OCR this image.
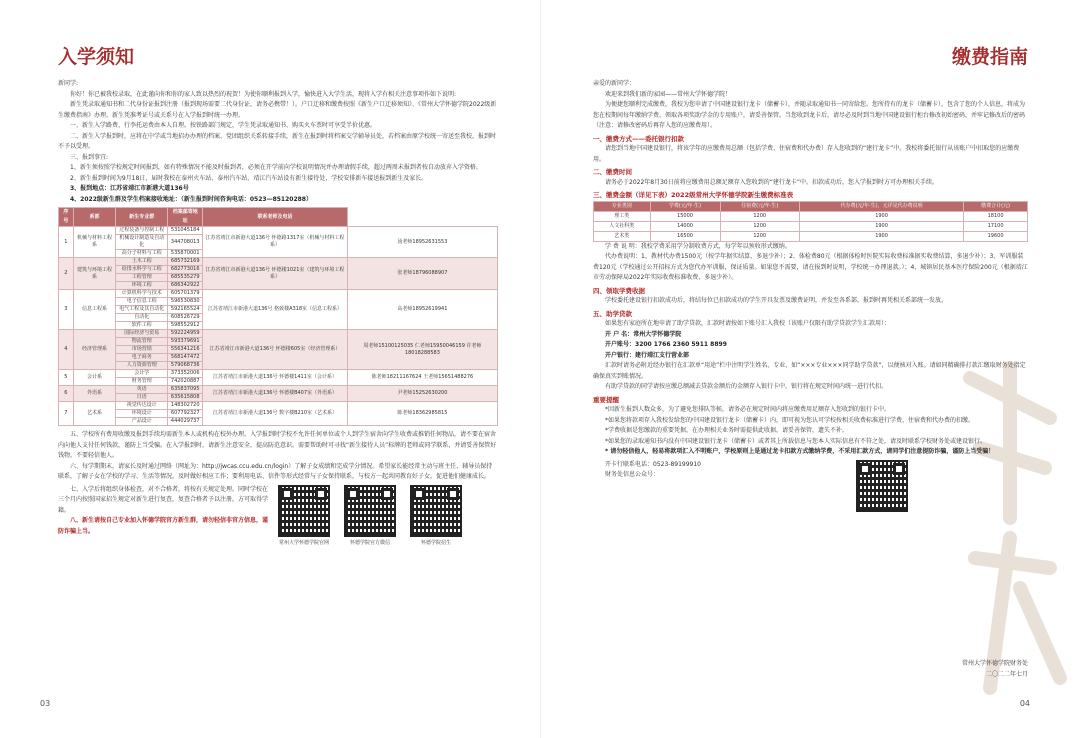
入学须知

新同学:

你好！你已被我校录取，在此谨向你和你的家人致以热烈的祝贺！为使你顺利报到入学，愉快进入大学生活，现将入学有相关注意事项作如下说明:

新生凭录取通知书和二代身份证报到注册（报到现场需要二代身份证，请务必携带！）。户口迁移和缴费按照《新生户口迁移须知》、《常州大学怀德学院2022级新生缴费指南》办理。新生凭准考证号或关系号在入学报到时统一办理。

一、新生入学路费、行李托运费由本人自理。按铁路部门规定，学生凭录取通知书、购买火车票时可享受半价优惠。

二、新生入学报到时，应将在中学或当地招办办理的档案、党团组织关系转接手续，新生在报到时将档案交学辅导员处，若档案由原学校统一寄送至我校，报到时不予以受理。

三、报到事宜:

1、新生须按照学校规定时间报到，如有特殊情况不能及时报到者，必须在开学前向学校说明情况并办理请假手续，超过两周未报到者按自动放弃入学资格。

2、新生报到时间为9月18日，届时我校在泰州火车站、泰州汽车站、靖江汽车站设有新生接待处，学校安排新车接送报到新生及家长。

3、报到地点：江苏省靖江市新港大道136号

4、2022级新生群及学生档案接收地址：（新生报到时间咨询电话：0523—85120288）

序号	系部	新生专业群	档案邮寄地址	联系老师及电话	
1	机械与材料工程系	过程装备与控制工程	531045184	江苏省靖江市新港大道136号 怀德路1317室（机械与材料工程系）	汤老师18952631553
		机械设计制造及自动化	344708013		
		高分子材料与工程	535870001		
2	建筑与环境工程系	土木工程	685732169	江苏省靖江市新港大道136号 怀德楼1021室（建筑与环境工程系）	张老师18796088907
		给排水科学与工程	682773016		
		工程管理	685535279		
		环境工程	686342922		
3	信息工程系	计算机科学与技术	605701379	江苏省靖江市新港大道136号 格致楼A318室（信息工程系）	高老师18952619941
		电子信息工程	596530830		
		电气工程及其自动化	592165524		
		自动化	608526729		
		软件工程	598552912		
4	经济管理系	国际经济与贸易	592224959	江苏省靖江市新港大道136号 怀德楼605室（经济管理系）	周老师15100125035 仁老师15950046159 许老师18018288583
		物流管理	593379691		
		市场营销	556341216		
		电子商务	568147472		
		人力资源管理	579068736		
5	会计系	会计学	373352006	江苏省靖江市新港大道136号 怀德楼1411室（会计系）	陈老师18211167624 王老师15651488276
		财务管理	742020887		
6	外语系	英语	635837095	江苏省靖江市新港大道136号 怀德楼B407室（外语系）	尹老师15252630200
		日语	635615808		
7	艺术系	视觉传达设计	148302720	江苏省靖江市新港大道136号 数字楼B210室（艺术系）	陈老师18362985815
		环境设计	607792327		
		产品设计	444029737		

五、学校所有费用收缴及报到手续均需新生本人或机构在校外办理。入学报到时学校不允许任何单位或个人到学生宿舍向学生收费或推销任何物品，请不要在宿舍内向他人支付任何钱款，谨防上当受骗。在入学报到时，请新生注意安全，提高防范意识。需要帮助时可寻找“新生接待人员”标牌的老师或同学联系，并请妥善保管好钱物，不要轻信他人。

六、每学期期末，请家长及时通过网络（网址为：http://jwcas.ccu.edu.cn/login）了解子女成绩和完成学分情况。希望家长能经常主动与班主任、辅导员保持联系，了解子女在学校的学习、生活等情况，及时做好相应工作；要利用电话、信件等形式经常与子女保持联系，与校方一起共同教育好子女，促进他们健康成长。

七、入学后将组织身体检查，对不合格者，将按有关规定处理。同时学校在三个月内按照国家招生规定对新生进行复查，复查合格者予以注册，方可取得学籍。

八、新生请按自己专业加入怀德学院官方新生群，请勿轻信非官方信息，谨防诈骗上当。

常州大学怀德学院官网	怀德学院官方微信	怀德学院招生
03
缴费指南

亲爱的新同学：

欢迎来到我们新的家园——常州大学怀德学院！

为便捷您顺利完成缴费，我校为您申请了中国建设银行龙卡（储蓄卡），并随录取通知书一同寄给您。您所持有的龙卡（储蓄卡），包含了您的个人信息，将成为您在校期间每年缴纳学费、领取各项奖助学金的专用账户，请妥善保管。当您收到龙卡后，请尽必及时到当地中国建设银行柜台修改初始密码，并牢记修改后的密码（注意：请修改密码后再存入您的应缴费用）。

一、缴费方式——委托银行扣款

请您到当地中国建设银行，将该学年的应缴费用总额（包括学费、住宿费和代办费）存入您收到的“建行龙卡”中。我校将委托银行从该账户中扣取您的应缴费用。

二、缴费时间

请务必于2022年8月30日前将应缴费用总额足额存入您收到的“建行龙卡”中。扣款成功后，您入学报到时方可办理相关手续。

三、缴费金额（详见下表）2022级常州大学怀德学院新生缴费标准表

专业类别	学费(元/年·生)	住宿费(元/年·生)	代办费(元/年·生)，元详见代办费说明	缴费合计(元)
理工类	15000	1200	1900	18100
人文社科类	14000	1200	1900	17100
艺术类	16500	1200	1900	19600

学 费 说 明：我校学费采用学分制收费方式，每学年以预收形式缴纳。

代办费说明：1、教材代办费1500元（按学年据实结算，多退少补）；2、体检费80元（根据体检时医院实际收费标准据实收费结算，多退少补）；3、军训服装费120元（学校通过公开招标方式为您代办军训服，保证质量。如果您不需要，请在报到时说明，学校统一办理退款。）；4、城镇居民基本医疗保险200元（根据靖江市劳动保障局2022年实际收费标准收费，多退少补）。

四、领取学费收据

学校委托建设银行扣款成功后，将结每位已扣款成功的学生开具发票及缴费证明，并发至各系部，报到时再凭相关系部统一发放。

五、助学贷款

如果您有家庭所在地申请了助学贷款，汇款时请按如下账号汇入我校（该账户仅限有助学贷款学生汇款用）：

开 户 名：常州大学怀德学院

开户账号：3200 1766 2360 5911 8899

开户银行：建行靖江支行营业部

汇款时请务必附近经办银行在汇款单“用途”栏中注明学生姓名、专业，如“×××专业×××同学助学贷款”，以便核对入账。请如同精确排打款汇缴取财务处指定确保真实到账情况。

有助学贷款的同学请按应缴总额减去贷款金额后的金额存入银行卡中，银行将在规定时间内统一进行代扣。

重要提醒

*因新生报到人数众多，为了避免您排队等候，请务必在规定时间内将应缴费用足额存入您收到的银行卡中。

*如果您将款项存入我校发给您的中国建设银行龙卡（储蓄卡）内，即可视为您认可学校按相关收费标准进行学费、住宿费和代办费的扣缴。

*学费收据是您缴款的重要凭据，在办理相关业务时需提供此收据，请妥善保管，遗失不补。

*如果您的录取通知书内没有中国建设银行龙卡（储蓄卡）或者其上所载信息与您本人实际信息有不符之处，请及时联系学校财务处或建设银行。

* 请勿轻信他人，轻易将款项汇入不明账户，学校原则上是通过龙卡扣款方式缴纳学费，不采用汇款方式，请同学们注意提防诈骗，谨防上当受骗！

开卡行联系电话：0523-89199910

财务处信息公众号：

常州大学怀德学院财务处

二〇二二年七月

04
